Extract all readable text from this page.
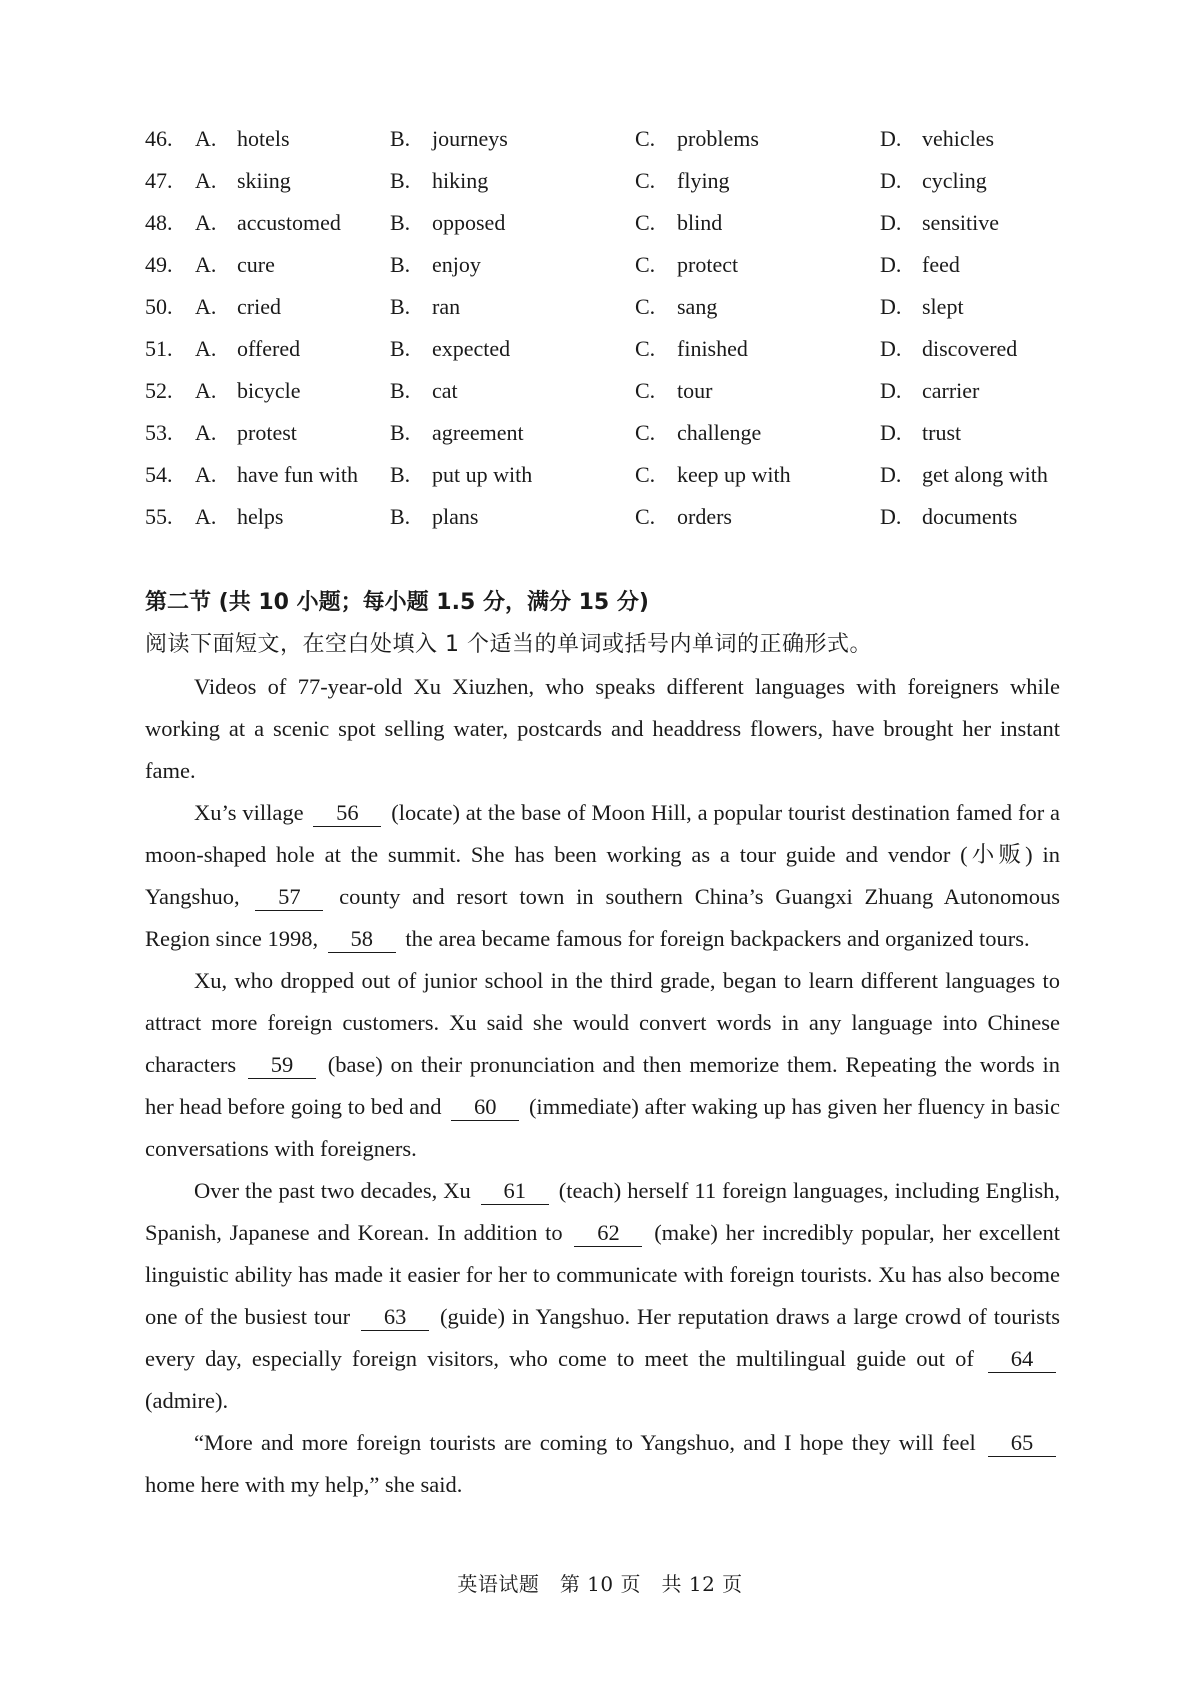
46.	A. hotels	B. journeys	C. problems	D. vehicles
47.	A. skiing	B. hiking	C. flying	D. cycling
48.	A. accustomed B. opposed	C. blind	D. sensitive
49.	A. cure	B. enjoy	C. protect	D. feed
50.	A. cried	B. ran	C. sang	D. slept
51.	A. offered	B. expected	C. finished	D. discovered
52.	A. bicycle	B. cat	C. tour	D. carrier
53.	A. protest	B. agreement	C. challenge	D. trust
54.	A. have fun with B. put up with	C. keep up with	D. get along with
55.	A. helps	B. plans	C. orders	D. documents
第二节 (共 10 小题；每小题 1.5 分，满分 15 分)
阅读下面短文，在空白处填入 1 个适当的单词或括号内单词的正确形式。

Videos of 77-year-old Xu Xiuzhen, who speaks different languages with foreigners while working at a scenic spot selling water, postcards and headdress flowers, have brought her instant fame.

Xu’s village 56 (locate) at the base of Moon Hill, a popular tourist destination famed for a moon-shaped hole at the summit. She has been working as a tour guide and vendor (小贩) in Yangshuo, 57 county and resort town in southern China’s Guangxi Zhuang Autonomous Region since 1998, 58 the area became famous for foreign backpackers and organized tours.

Xu, who dropped out of junior school in the third grade, began to learn different languages to attract more foreign customers. Xu said she would convert words in any language into Chinese characters 59 (base) on their pronunciation and then memorize them. Repeating the words in her head before going to bed and 60 (immediate) after waking up has given her fluency in basic conversations with foreigners.

Over the past two decades, Xu 61 (teach) herself 11 foreign languages, including English, Spanish, Japanese and Korean. In addition to 62 (make) her incredibly popular, her excellent linguistic ability has made it easier for her to communicate with foreign tourists. Xu has also become one of the busiest tour 63 (guide) in Yangshuo. Her reputation draws a large crowd of tourists every day, especially foreign visitors, who come to meet the multilingual guide out of 64 (admire).

“More and more foreign tourists are coming to Yangshuo, and I hope they will feel 65 home here with my help,” she said.

英语试题　第 10 页　共 12 页
